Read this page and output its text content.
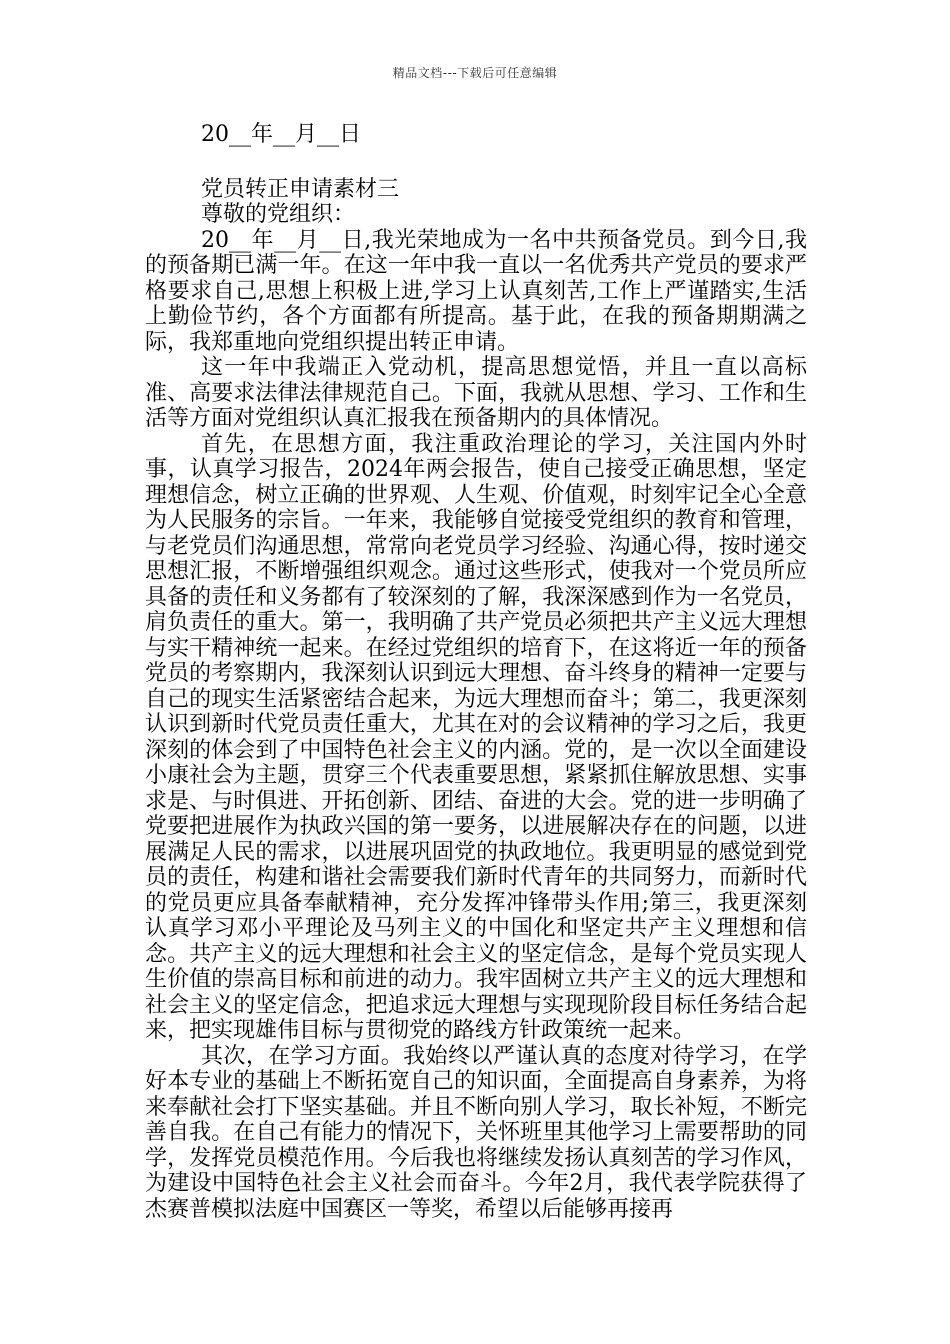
精品文档---下载后可任意编辑
20__年__月__日
党员转正申请素材三
尊敬的党组织：

20__年__月__日,我光荣地成为一名中共预备党员。到今日,我的预备期已满一年。在这一年中我一直以一名优秀共产党员的要求严格要求自己,思想上积极上进,学习上认真刻苦,工作上严谨踏实,生活上勤俭节约，各个方面都有所提高。基于此，在我的预备期期满之际，我郑重地向党组织提出转正申请。

这一年中我端正入党动机，提高思想觉悟，并且一直以高标准、高要求法律法律规范自己。下面，我就从思想、学习、工作和生活等方面对党组织认真汇报我在预备期内的具体情况。

首先，在思想方面，我注重政治理论的学习，关注国内外时事，认真学习报告，2024年两会报告，使自己接受正确思想，坚定理想信念，树立正确的世界观、人生观、价值观，时刻牢记全心全意为人民服务的宗旨。一年来，我能够自觉接受党组织的教育和管理，与老党员们沟通思想，常常向老党员学习经验、沟通心得，按时递交思想汇报，不断增强组织观念。通过这些形式，使我对一个党员所应具备的责任和义务都有了较深刻的了解，我深深感到作为一名党员，肩负责任的重大。第一，我明确了共产党员必须把共产主义远大理想与实干精神统一起来。在经过党组织的培育下，在这将近一年的预备党员的考察期内，我深刻认识到远大理想、奋斗终身的精神一定要与自己的现实生活紧密结合起来，为远大理想而奋斗；第二，我更深刻认识到新时代党员责任重大，尤其在对的会议精神的学习之后，我更深刻的体会到了中国特色社会主义的内涵。党的，是一次以全面建设小康社会为主题，贯穿三个代表重要思想，紧紧抓住解放思想、实事求是、与时俱进、开拓创新、团结、奋进的大会。党的进一步明确了党要把进展作为执政兴国的第一要务，以进展解决存在的问题，以进展满足人民的需求，以进展巩固党的执政地位。我更明显的感觉到党员的责任，构建和谐社会需要我们新时代青年的共同努力，而新时代的党员更应具备奉献精神，充分发挥冲锋带头作用;第三，我更深刻认真学习邓小平理论及马列主义的中国化和坚定共产主义理想和信念。共产主义的远大理想和社会主义的坚定信念，是每个党员实现人生价值的崇高目标和前进的动力。我牢固树立共产主义的远大理想和社会主义的坚定信念，把追求远大理想与实现现阶段目标任务结合起来，把实现雄伟目标与贯彻党的路线方针政策统一起来。

其次，在学习方面。我始终以严谨认真的态度对待学习，在学好本专业的基础上不断拓宽自己的知识面，全面提高自身素养，为将来奉献社会打下坚实基础。并且不断向别人学习，取长补短，不断完善自我。在自己有能力的情况下，关怀班里其他学习上需要帮助的同学，发挥党员模范作用。今后我也将继续发扬认真刻苦的学习作风，为建设中国特色社会主义社会而奋斗。今年2月，我代表学院获得了杰赛普模拟法庭中国赛区一等奖，希望以后能够再接再
